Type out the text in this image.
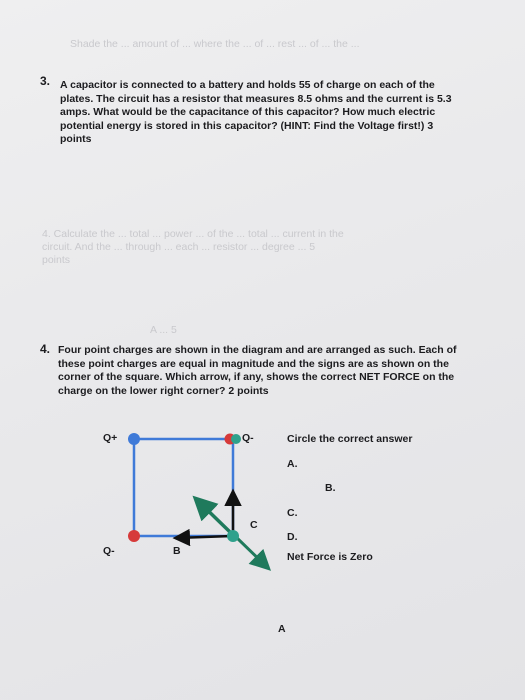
Shade the ... amount of ... where the ... of ... rest ... of ... the ...
3. A capacitor is connected to a battery and holds 55 of charge on each of the
plates. The circuit has a resistor that measures 8.5 ohms and the current is 5.3
amps. What would be the capacitance of this capacitor? How much electric
potential energy is stored in this capacitor? (HINT: Find the Voltage first!) 3
points
4. Calculate the ... total ... power ... of the ... total ... current in the
circuit. And the ... through ... each ... resistor ... degree ... 5
points
A ... 5
4. Four point charges are shown in the diagram and are arranged as such. Each of
these point charges are equal in magnitude and the signs are as shown on the
corner of the square. Which arrow, if any, shows the correct NET FORCE on the
charge on the lower right corner? 2 points
Q+	Q-
Q-	B
C
A
Circle the correct answer
A.
B.
C.
D.
Net Force is Zero
